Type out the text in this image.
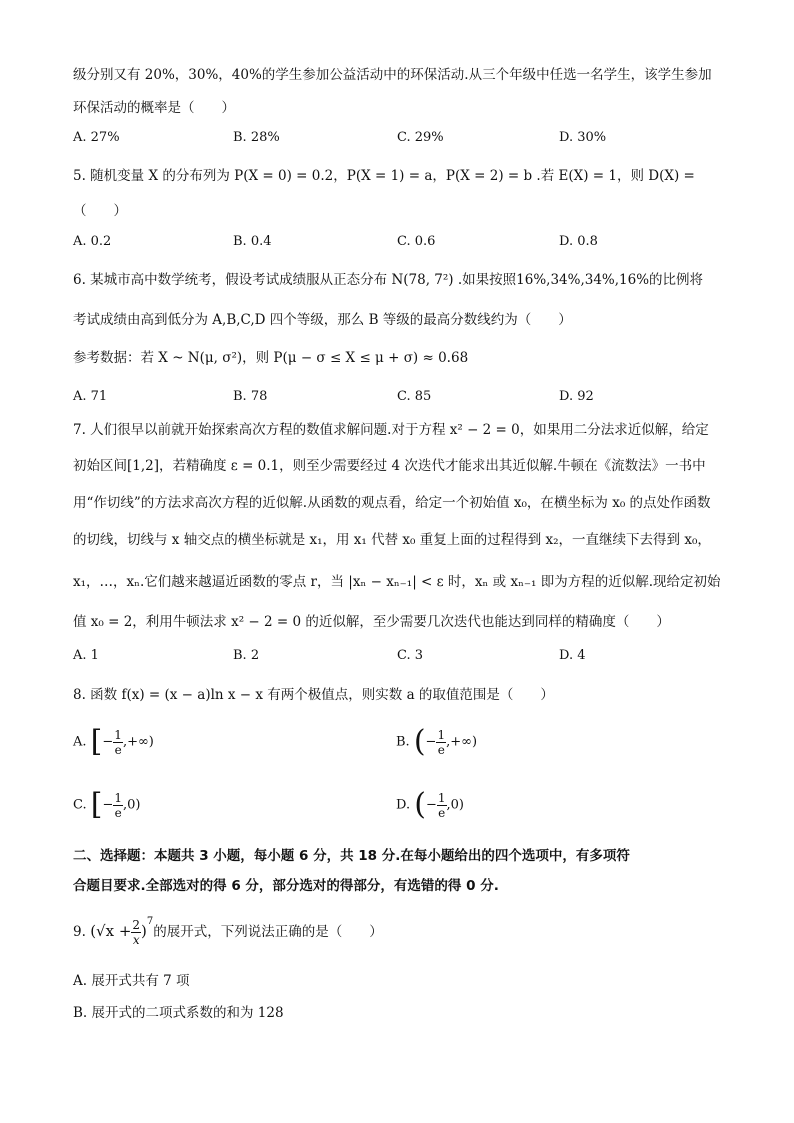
级分别又有 20%，30%，40%的学生参加公益活动中的环保活动.从三个年级中任选一名学生，该学生参加
环保活动的概率是（　　）
A. 27%	B. 28%	C. 29%	D. 30%
5. 随机变量 X 的分布列为 P(X = 0) = 0.2，P(X = 1) = a，P(X = 2) = b .若 E(X) = 1，则 D(X) =
（　　）
A. 0.2	B. 0.4	C. 0.6	D. 0.8
6. 某城市高中数学统考，假设考试成绩服从正态分布 N(78, 7²) .如果按照16%,34%,34%,16%的比例将
考试成绩由高到低分为 A,B,C,D 四个等级，那么 B 等级的最高分数线约为（　　）
参考数据：若 X ~ N(μ, σ²)，则 P(μ − σ ≤ X ≤ μ + σ) ≈ 0.68
A. 71	B. 78	C. 85	D. 92
7. 人们很早以前就开始探索高次方程的数值求解问题.对于方程 x² − 2 = 0，如果用二分法求近似解，给定
初始区间[1,2]，若精确度 ε = 0.1，则至少需要经过 4 次迭代才能求出其近似解.牛顿在《流数法》一书中
用“作切线”的方法求高次方程的近似解.从函数的观点看，给定一个初始值 x₀，在横坐标为 x₀ 的点处作函数
的切线，切线与 x 轴交点的横坐标就是 x₁，用 x₁ 代替 x₀ 重复上面的过程得到 x₂，一直继续下去得到 x₀，
x₁，…，xₙ.它们越来越逼近函数的零点 r，当 |xₙ − xₙ₋₁| < ε 时，xₙ 或 xₙ₋₁ 即为方程的近似解.现给定初始
值 x₀ = 2，利用牛顿法求 x² − 2 = 0 的近似解，至少需要几次迭代也能达到同样的精确度（　　）
A. 1	B. 2	C. 3	D. 4
8. 函数 f(x) = (x − a)ln x − x 有两个极值点，则实数 a 的取值范围是（　　）
A. [− $\frac{1}{e}$ ,+∞)	B. (− $\frac{1}{e}$ ,+∞)
C. [− $\frac{1}{e} ,0$)	D. (− $\frac{1}{e} ,0$)
二、选择题：本题共 3 小题，每小题 6 分，共 18 分.在每小题给出的四个选项中，有多项符
合题目要求.全部选对的得 6 分，部分选对的得部分，有选错的得 0 分.
9. $(√x + \frac{2}{x} )^7$的展开式，下列说法正确的是（　　）
A. 展开式共有 7 项
B. 展开式的二项式系数的和为 128
